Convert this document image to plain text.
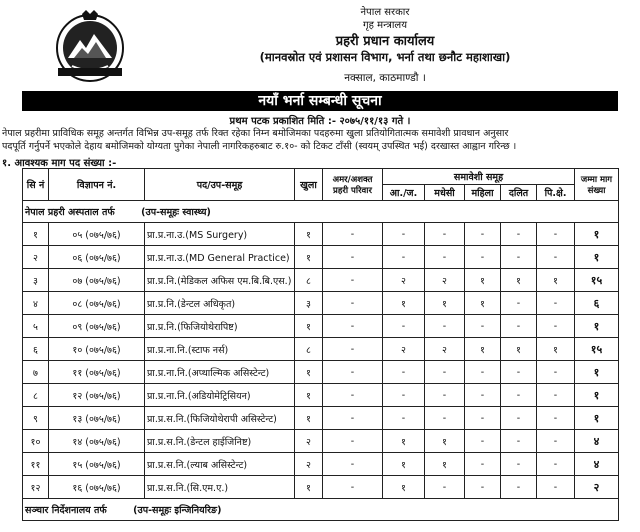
नेपाल सरकार
गृह मन्त्रालय
प्रहरी प्रधान कार्यालय
(मानवस्रोत एवं प्रशासन विभाग, भर्ना तथा छनौट महाशाखा)
नक्साल, काठमाण्डौ ।
नयाँ भर्ना सम्बन्धी सूचना
प्रथम पटक प्रकाशित मिति :- २०७५/११/१३ गते ।
नेपाल प्रहरीमा प्राविधिक समूह अन्तर्गत विभिन्न उप-समूह तर्फ रिक्त रहेका निम्न बमोजिमका पदहरुमा खुला प्रतियोगितात्मक समावेशी प्रावधान अनुसार
पदपूर्ति गर्नुपर्ने भएकोले देहाय बमोजिमको योग्यता पुगेका नेपाली नागरिकहरुबाट रु.१०- को टिकट टाँसी (स्वयम् उपस्थित भई) दरखास्त आह्वान गरिन्छ ।
१. आवश्यक माग पद संख्या :-
सि नं	विज्ञापन नं.	पद/उप-समूह	खुला	अमर/अशक्त प्रहरी परिवार	समावेशी समूह					जम्मा माग संख्या
					आ./ज.	मधेसी	महिला	दलित	पि.क्षे.	
नेपाल प्रहरी अस्पताल तर्फ        (उप-समूहः स्वास्थ्य)										
१	०५ (०७५/७६)	प्रा.प्र.ना.उ.(MS Surgery)	१	-	-	-	-	-	-	१
२	०६ (०७५/७६)	प्रा.प्र.ना.उ.(MD General Practice)	१	-	-	-	-	-	-	१
३	०७ (०७५/७६)	प्रा.प्र.नि.(मेडिकल अफिस एम.बि.बि.एस.)	८	-	२	२	१	१	१	१५
४	०८ (०७५/७६)	प्रा.प्र.नि.(डेन्टल अधिकृत)	३	-	१	१	१	-	-	६
५	०९ (०७५/७६)	प्रा.प्र.नि.(फिजियोथेरापिष्ट)	१	-	-	-	-	-	-	१
६	१० (०७५/७६)	प्रा.प्र.ना.नि.(स्टाफ नर्स)	८	-	२	२	१	१	१	१५
७	११ (०७५/७६)	प्रा.प्र.ना.नि.(अप्थाल्मिक असिस्टेन्ट)	१	-	-	-	-	-	-	१
८	१२ (०७५/७६)	प्रा.प्र.ना.नि.(अडियोमेट्रिसियन)	१	-	-	-	-	-	-	१
९	१३ (०७५/७६)	प्रा.प्र.स.नि.(फिजियोथेरापी असिस्टेन्ट)	१	-	-	-	-	-	-	१
१०	१४ (०७५/७६)	प्रा.प्र.स.नि.(डेन्टल हाईजिनिष्ट)	२	-	१	१	-	-	-	४
११	१५ (०७५/७६)	प्रा.प्र.स.नि.(ल्याब असिस्टेन्ट)	२	-	१	१	-	-	-	४
१२	१६ (०७५/७६)	प्रा.प्र.स.नि.(सि.एम.ए.)	१	-	१	-	-	-	-	२
सञ्चार निर्देशनालय तर्फ        (उप-समूहः इन्जिनियरिङ)										
